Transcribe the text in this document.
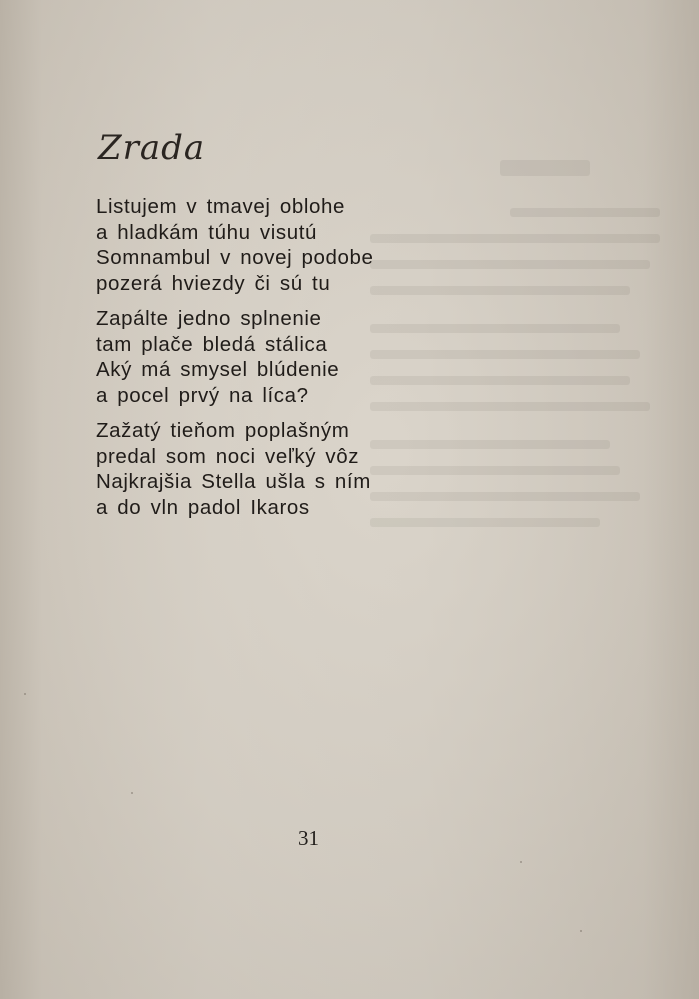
Zrada
Listujem v tmavej oblohe
a hladkám túhu visutú
Somnambul v novej podobe
pozerá hviezdy či sú tu
Zapálte jedno splnenie
tam plače bledá stálica
Aký má smysel blúdenie
a pocel prvý na líca?
Zažatý tieňom poplašným
predal som noci veľký vôz
Najkrajšia Stella ušla s ním
a do vln padol Ikaros
31
